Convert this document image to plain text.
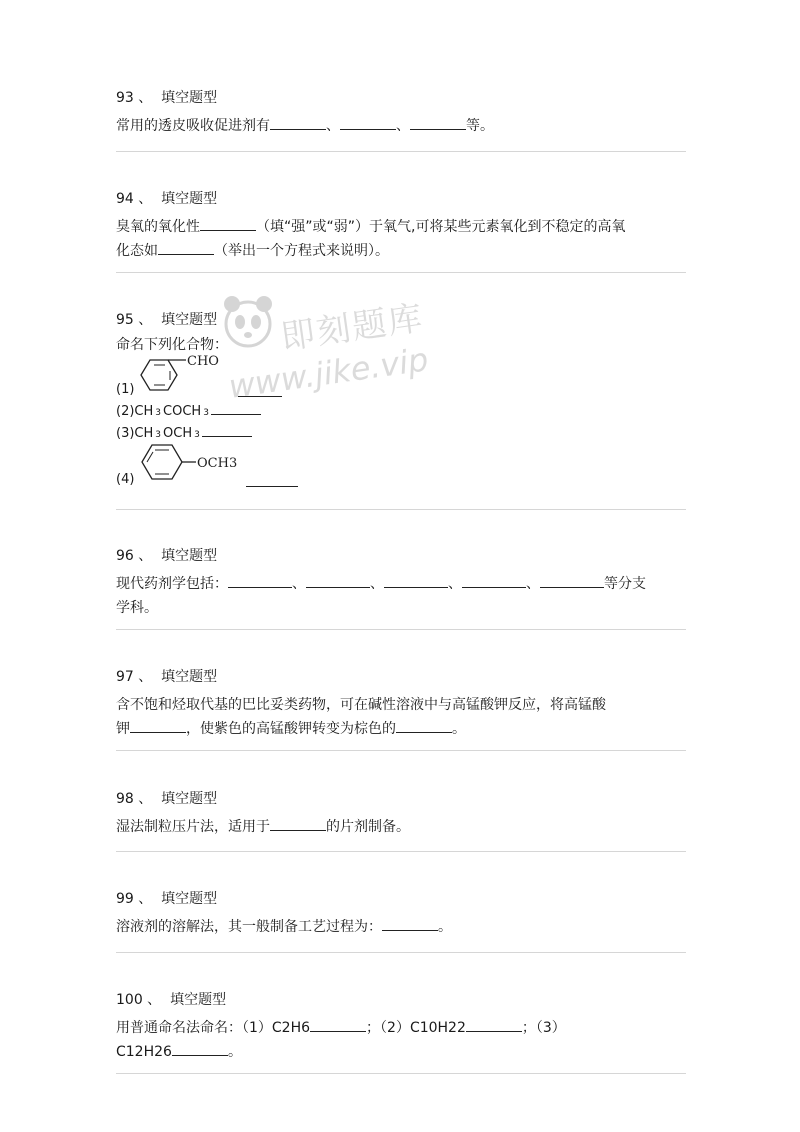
93 、 填空题型
常用的透皮吸收促进剂有	、	、	等。
94 、 填空题型
臭氧的氧化性	（填“强”或“弱”）于氧气,可将某些元素氧化到不稳定的高氧
化态如	（举出一个方程式来说明）。
95 、 填空题型
命名下列化合物：
CHO
(1)
(2)CH 3 COCH 3
(3)CH 3 OCH 3
OCH3
(4)
96 、 填空题型
现代药剂学包括：	、	、	、	、	等分支
学科。
97 、 填空题型
含不饱和烃取代基的巴比妥类药物，可在碱性溶液中与高锰酸钾反应，将高锰酸
钾	，使紫色的高锰酸钾转变为棕色的	。
98 、 填空题型
湿法制粒压片法，适用于	的片剂制备。
99 、 填空题型
溶液剂的溶解法，其一般制备工艺过程为：	。
100 、 填空题型
用普通命名法命名：（1）C2H6	；（2）C10H22	；（3）
C12H26	。
即刻题库
www.jike.vip
